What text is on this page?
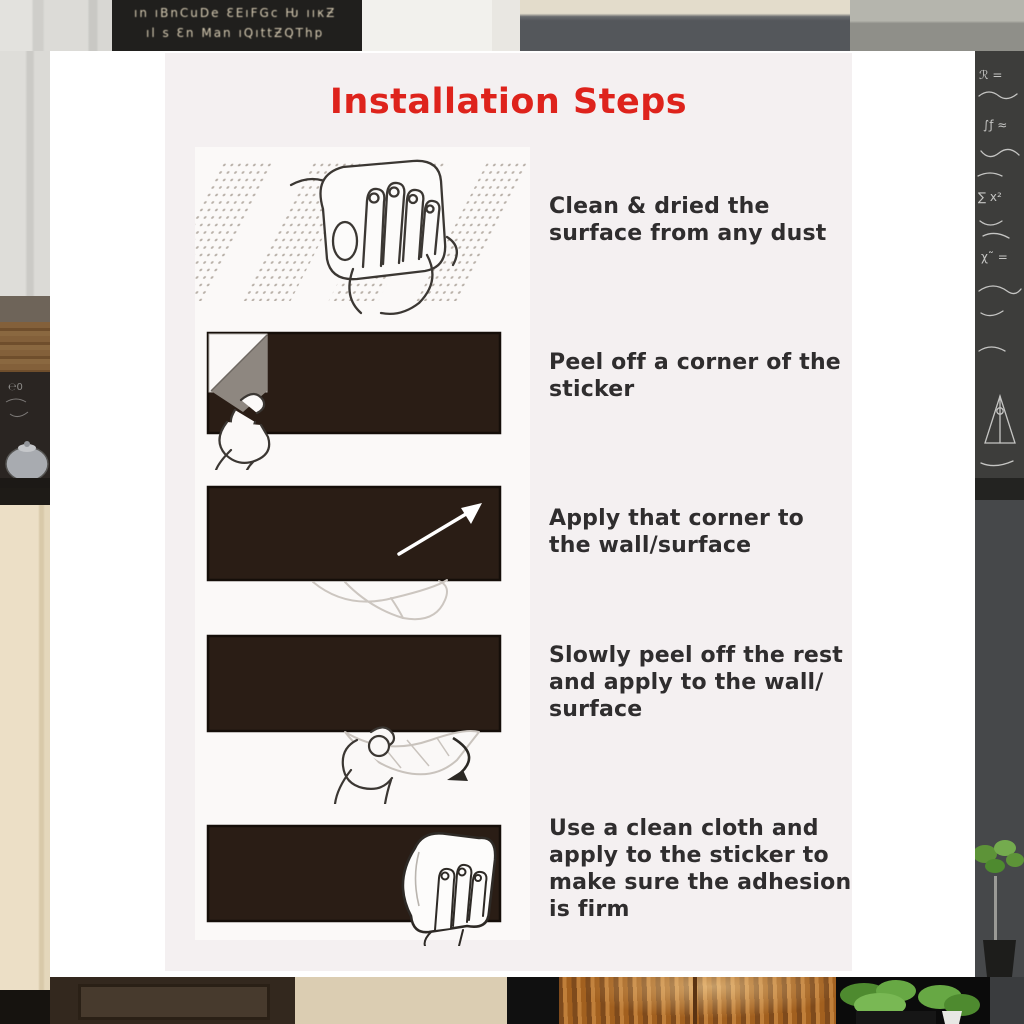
ın ıBnCuDe ƐΕıFGc Ƕ ııκƵ
ıl s Ɛn Man ıQıttƵQThp
ℛ =
∫ƒ ≈
∑ x²
χ˜ =
℮0
Installation Steps
Clean & dried the
surface from any dust
Peel off a corner of the
sticker
Apply that corner to
the wall/surface
Slowly peel off the rest
and apply to the wall/
surface
Use a clean cloth and
apply to the sticker to
make sure the adhesion
is firm
